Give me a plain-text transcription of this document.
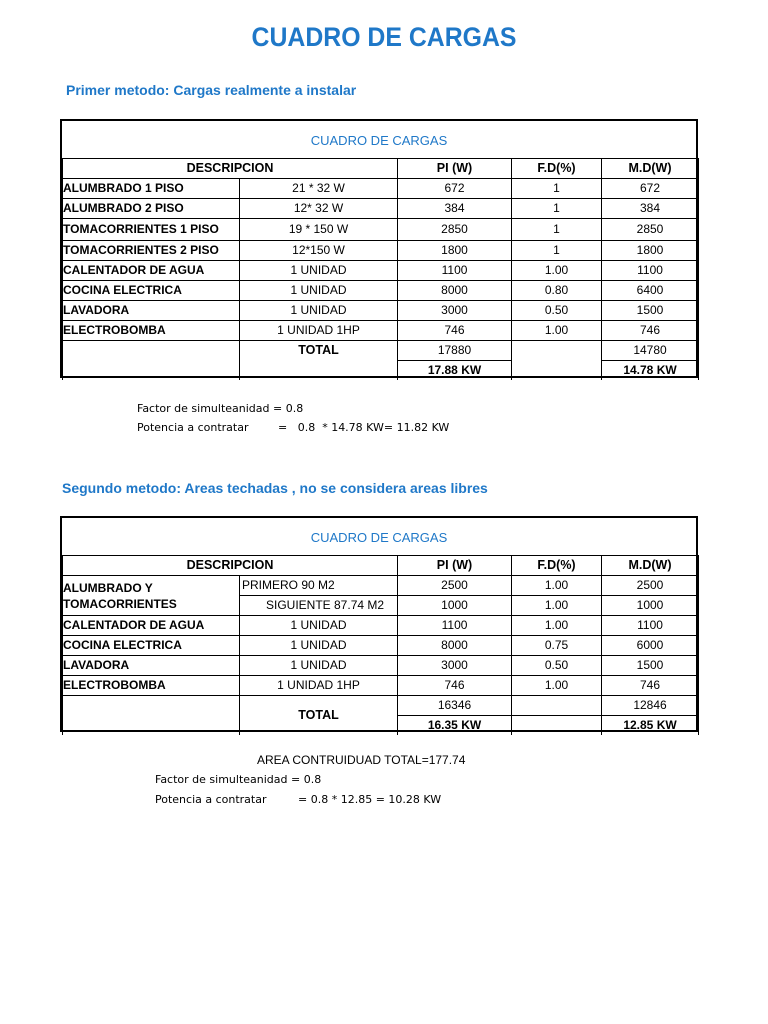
CUADRO DE CARGAS
Primer metodo: Cargas realmente a instalar
CUADRO DE CARGAS
DESCRIPCION		PI (W)	F.D(%)	M.D(W)
ALUMBRADO 1 PISO	21 * 32 W	672	1	672
ALUMBRADO 2 PISO	12* 32 W	384	1	384
TOMACORRIENTES 1 PISO	19 * 150 W	2850	1	2850
TOMACORRIENTES 2 PISO	12*150 W	1800	1	1800
CALENTADOR DE AGUA	1 UNIDAD	1100	1.00	1100
COCINA ELECTRICA	1 UNIDAD	8000	0.80	6400
LAVADORA	1 UNIDAD	3000	0.50	1500
ELECTROBOMBA	1 UNIDAD 1HP	746	1.00	746
	TOTAL	17880		14780
		17.88 KW		14.78 KW
Factor de simulteanidad = 0.8
Potencia a contratar	=   0.8  * 14.78 KW= 11.82 KW
Segundo metodo: Areas techadas , no se considera areas libres
CUADRO DE CARGAS
DESCRIPCION		PI (W)	F.D(%)	M.D(W)

ALUMBRADO Y
TOMACORRIENTES	PRIMERO 90 M2	2500	1.00	2500
	SIGUIENTE 87.74 M2	1000	1.00	1000
CALENTADOR DE AGUA	1 UNIDAD	1100	1.00	1100
COCINA ELECTRICA	1 UNIDAD	8000	0.75	6000
LAVADORA	1 UNIDAD	3000	0.50	1500
ELECTROBOMBA	1 UNIDAD 1HP	746	1.00	746
	TOTAL	16346		12846
		16.35 KW		12.85 KW
AREA CONTRUIDUAD TOTAL=177.74
Factor de simulteanidad = 0.8
Potencia a contratar	= 0.8 * 12.85 = 10.28 KW
